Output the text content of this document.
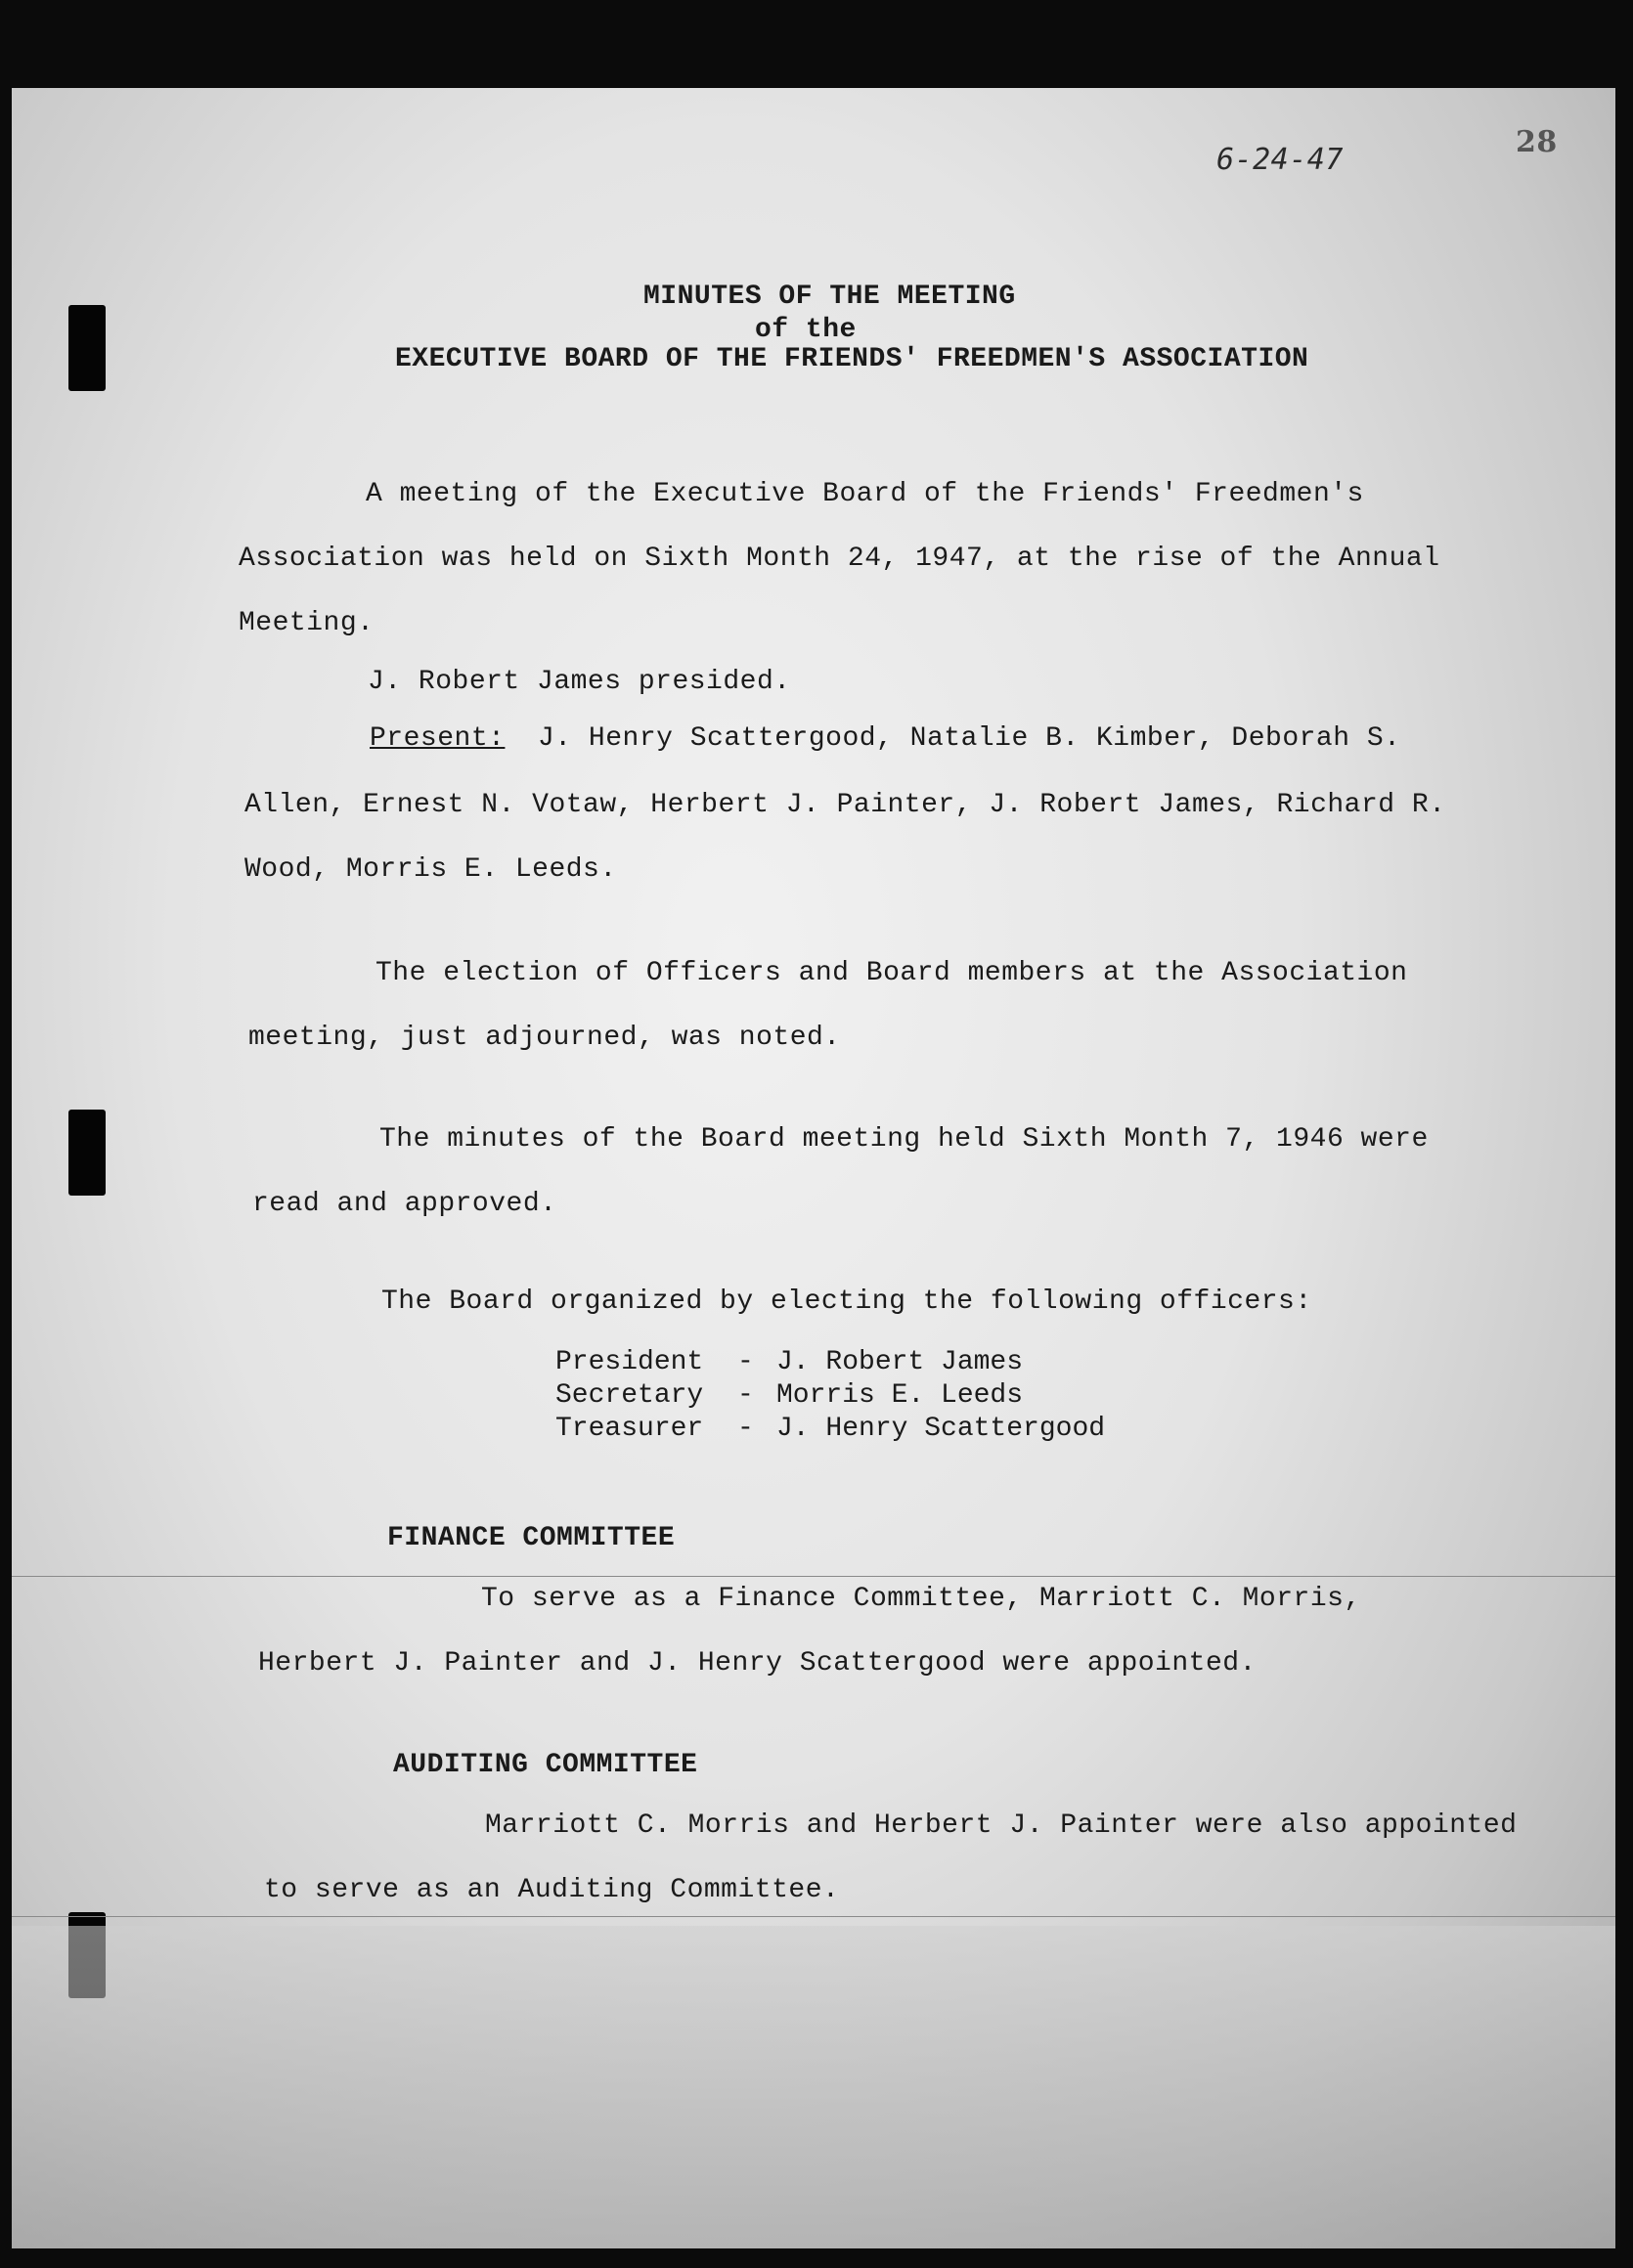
6-24-47
28
MINUTES OF THE MEETING
of the
EXECUTIVE BOARD OF THE FRIENDS' FREEDMEN'S ASSOCIATION
A meeting of the Executive Board of the Friends' Freedmen's
Association was held on Sixth Month 24, 1947, at the rise of the Annual
Meeting.
J. Robert James presided.
Present: J. Henry Scattergood, Natalie B. Kimber, Deborah S.
Allen, Ernest N. Votaw, Herbert J. Painter, J. Robert James, Richard R.
Wood, Morris E. Leeds.
The election of Officers and Board members at the Association
meeting, just adjourned, was noted.
The minutes of the Board meeting held Sixth Month 7, 1946 were
read and approved.
The Board organized by electing the following officers:
President - J. Robert James
Secretary - Morris E. Leeds
Treasurer - J. Henry Scattergood
FINANCE COMMITTEE
To serve as a Finance Committee, Marriott C. Morris,
Herbert J. Painter and J. Henry Scattergood were appointed.
AUDITING COMMITTEE
Marriott C. Morris and Herbert J. Painter were also appointed
to serve as an Auditing Committee.
